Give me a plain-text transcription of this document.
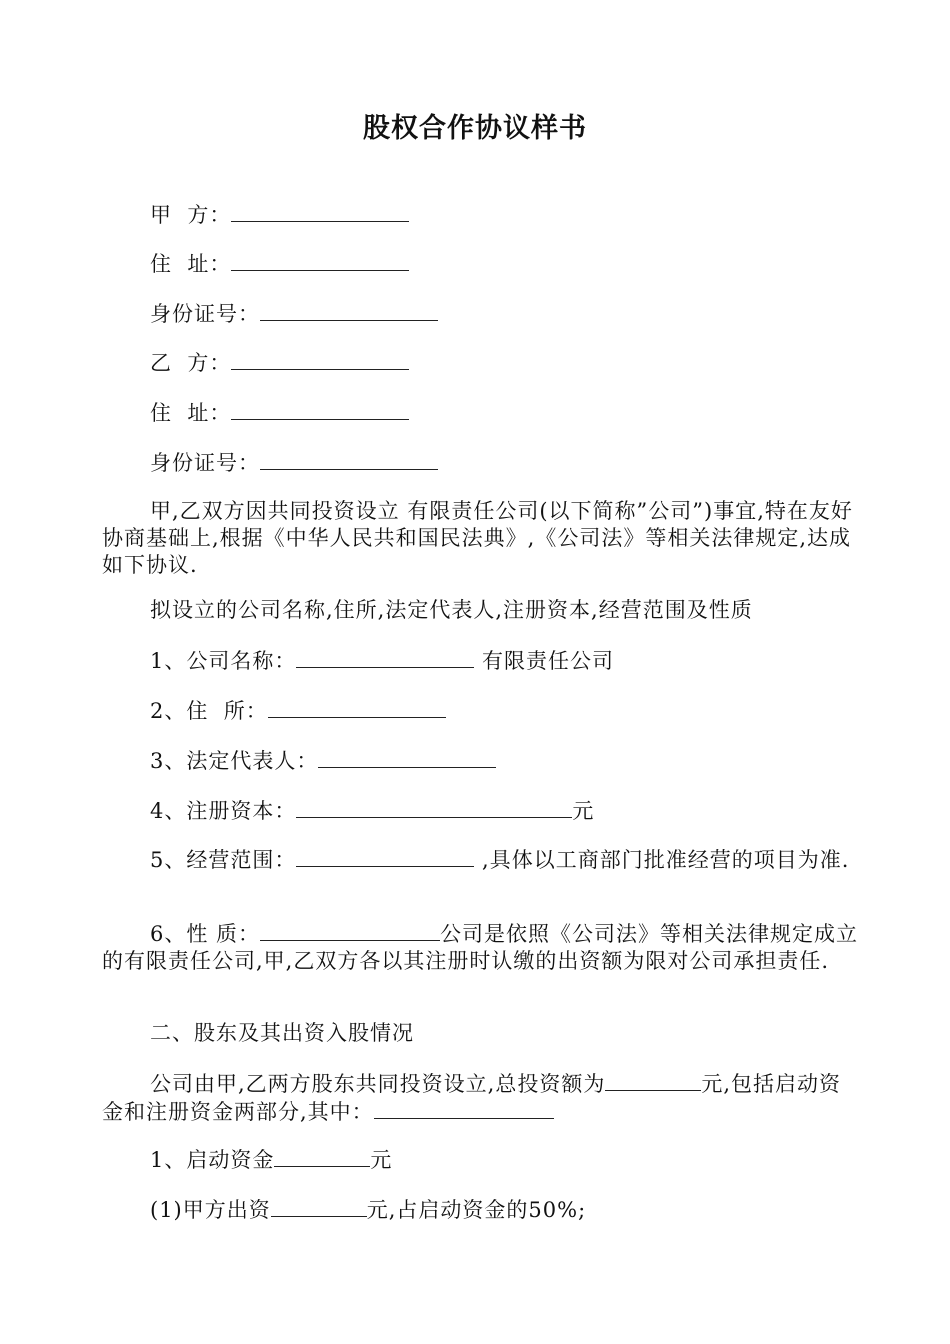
股权合作协议样书
甲  方：
住  址：
身份证号：
乙  方：
住  址：
身份证号：
甲,乙双方因共同投资设立 有限责任公司(以下简称”公司”)事宜,特在友好协商基础上,根据《中华人民共和国民法典》,《公司法》等相关法律规定,达成如下协议.
拟设立的公司名称,住所,法定代表人,注册资本,经营范围及性质
1、公司名称：	有限责任公司
2、住  所：
3、法定代表人：
4、注册资本：	元
5、经营范围：	,具体以工商部门批准经营的项目为准.
6、性 质：	公司是依照《公司法》等相关法律规定成立的有限责任公司,甲,乙双方各以其注册时认缴的出资额为限对公司承担责任.
二、股东及其出资入股情况
公司由甲,乙两方股东共同投资设立,总投资额为	元,包括启动资金和注册资金两部分,其中：
1、启动资金	元
(1)甲方出资	元,占启动资金的50%;
